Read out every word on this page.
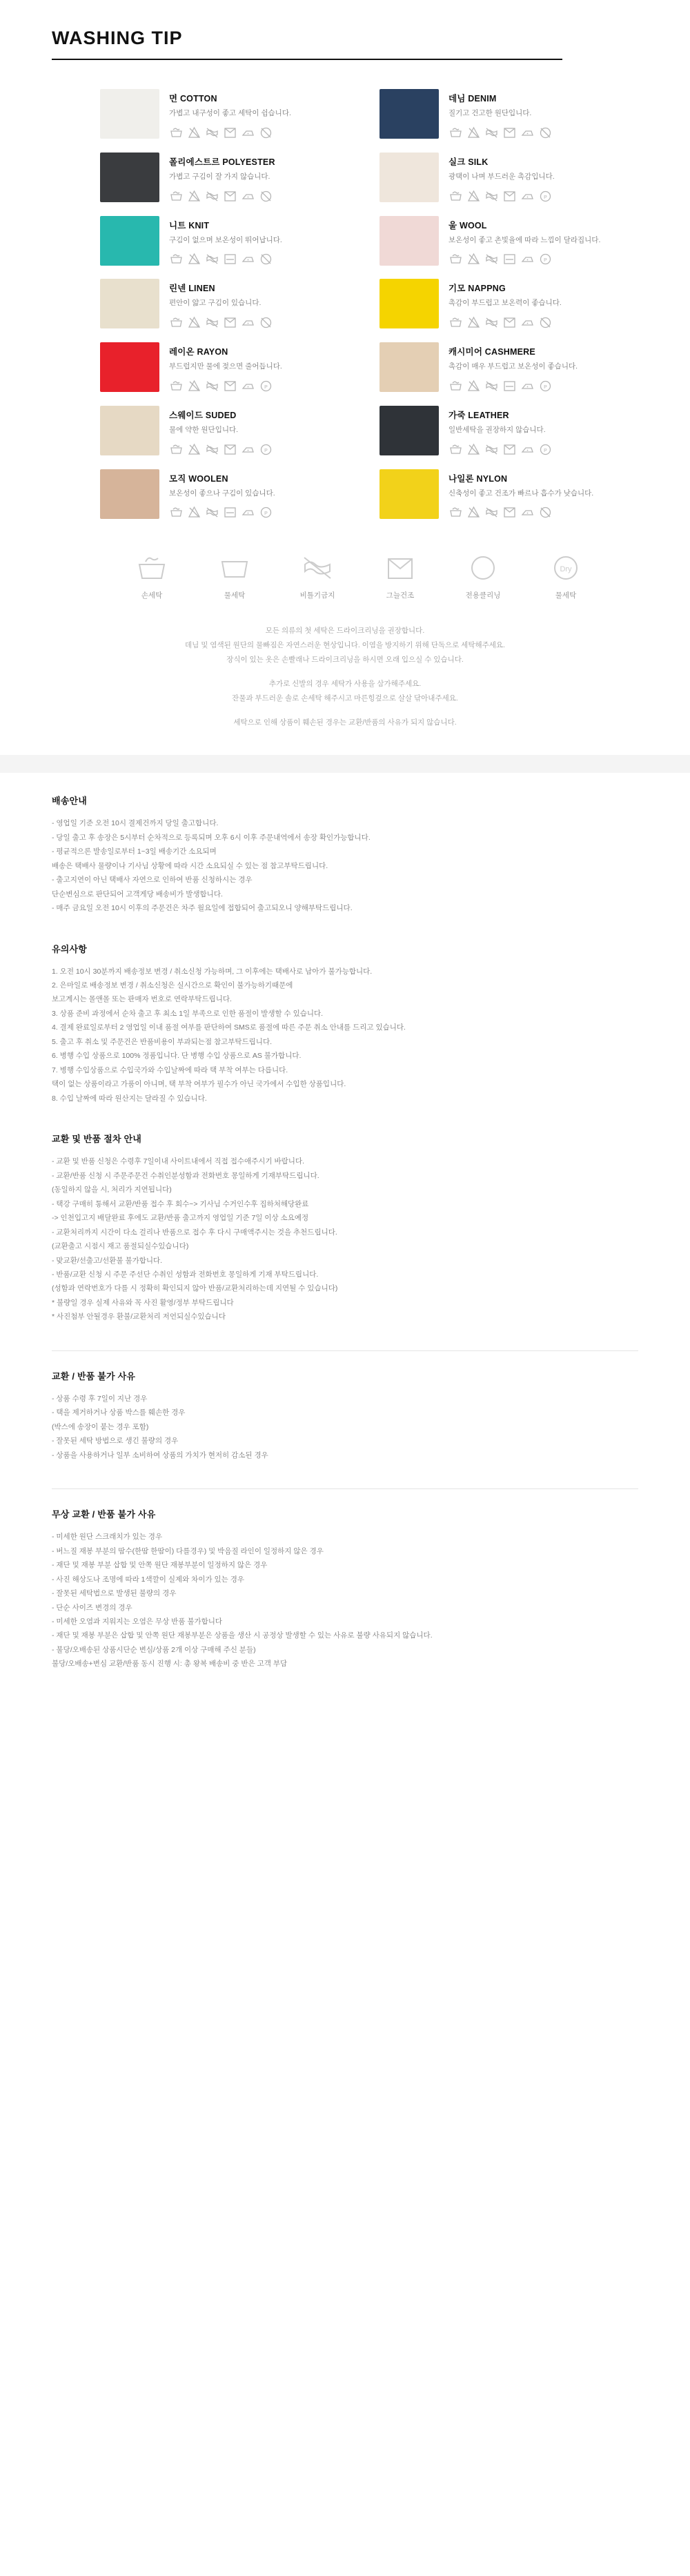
WASHING TIP
면 COTTON
가볍고 내구성이 좋고 세탁이 쉽습니다.
데님 DENIM
질기고 건고한 원단입니다.
폴리에스트르 POLYESTER
가볍고 구김이 잘 가지 않습니다.
실크 SILK
광택이 나며 부드러운 촉감입니다.
P
니트 KNIT
구김이 없으며 보온성이 뛰어납니다.
울 WOOL
보온성이 좋고 촌빛율에 따라 느낌이 달라집니다.
P
린넨 LINEN
편안이 얇고 구김이 있습니다.
기모 NAPPNG
촉감이 부드럽고 보온력이 좋습니다.
레이온 RAYON
부드럽지만 물에 젖으면 줄어듭니다.
P
캐시미어 CASHMERE
촉감이 매우 부드럽고 보온성이 좋습니다.
P
스웨이드 SUDED
물에 약한 원단입니다.
P
가죽 LEATHER
일반세탁을 권장하지 않습니다.
P
모직 WOOLEN
보온성이 좋으나 구김이 있습니다.
P
나일론 NYLON
신축성이 좋고 건조가 빠르나 흡수가 낮습니다.
손세탁	물세탁	비틀기금지	그늘건조	전용클리닝
Dry
물세탁

모든 의류의 첫 세탁은 드라이크리닝을 권장합니다.

데님 및 염색된 원단의 물빠짐은 자연스러운 현상입니다. 이염을 방지하기 위해 단독으로 세탁해주세요.

장식이 있는 옷은 손빨래나 드라이크리닝을 하시면 오래 입으실 수 있습니다.

추가로 신발의 경우 세탁가 사용을 삼가해주세요.

잔물과 부드러운 솔로 손세탁 해주시고 마른힝겊으로 살살 닦아내주세요.

세탁으로 인해 상품이 훼손된 경우는 교환/반품의 사유가 되지 않습니다.

배송안내
- 영업일 기준 오전 10시 결제건까지 당일 출고합니다.
- 당일 출고 후 송장은 5시부터 순차적으로 등록되며 오후 6시 이후 주문내역에서 송장 확인가능합니다.
- 평균적으론 발송일로부터 1~3일 배송기간 소요되며
배송은 택배사 물량이나 기사님 상황에 따라 시간 소요되실 수 있는 점 참고부탁드립니다.
- 출고지연이 아닌 택배사 자연으로 인하여 반품 신청하시는 경우
단순변심으로 판단되어 고객게당 배송비가 발생합니다.
- 매주 금요일 오전 10시 이후의 주문건은 차주 월요일에 접합되어 출고되오니 양해부탁드립니다.
유의사항
1. 오전 10시 30분까지 배송정보 변경 / 취소신청 가능하며, 그 이후에는 택배사로 남아가 불가능합니다.
2. 은마일로 배송정보 변경 / 취소신청은 실시간으로 확인이 불가능하기때문에
보고계시는 몰앤몰 또는 판매자 번호로 연락부탁드립니다.
3. 상품 준비 과정에서 순차 출고 후 최소 1일 부족으로 인한 품절이 발생할 수 있습니다.
4. 결제 완료일로부터 2 영업일 이내 품절 여부를 판단하여 SMS로 품절에 따른 주문 취소 안내를 드리고 있습니다.
5. 출고 후 취소 및 주문건은 반품비용이 부과되는점 참고부탁드립니다.
6. 병행 수입 상품으로 100% 정품입니다. 단 병행 수입 상품으로 AS 불가합니다.
7. 병행 수입상품으로 수입국가와 수입날짜에 따라 택 부착 여부는 다릅니다.
택이 없는 상품이라고 가품이 아니며, 택 부착 여부가 필수가 아닌 국가에서 수입한 상품입니다.
8. 수입 날짜에 따라 원산지는 달라질 수 있습니다.
교환 및 반품 절차 안내
- 교환 및 반품 신청은 수령후 7일이내 사이트내에서 직접 접수애주시기 바랍니다.
- 교환/반품 신청 시 주문주문건 수취인분성함과 전화번호 몽일하게 기재부탁드립니다.
(동일하지 않을 시, 처리가 지연됩니다)
- 택강 구매히 통해서 교환/반품 접수 후 회수~> 기사님 수거인수후 집하처해당완료
-> 인천입고지 배달완료 후에도 교환/반품 출고까지 영업일 기준 7일 이상 소요예정
- 교환처리까지 시간이 다소 걸리나 반품으로 접수 후 다시 구매액주시는 것을 추천드립니다.
(교환출고 시점시 재고 품절되실수있습니다)
- 맞교환/선출고/선환불 불가합니다.
- 반품/교환 신청 시 주문 주선단 수취인 성함과 전화번호 몽일하게 기재 부탁드립니다.
(성함과 연락번호가 다를 시 정확히 확인되지 않아 반품/교환처리하는데 지연될 수 있습니다)
* 불량일 경우 실제 사유와 꼭 사진 활영/정부 부탁드립니다
* 사진첨부 안될경우 환불/교환처리 저언되실수있습니다
교환 / 반품 불가 사유
- 상품 수령 후 7일이 지난 경우
- 택을 제거하거나 상품 박스를 훼손한 경우
(박스에 송장이 붙는 경우 포함)
- 잘못된 세탁 방법으로 생긴 불량의 경우
- 상품을 사용하거나 일부 소비하여 상품의 가치가 현저히 감소된 경우
무상 교환 / 반품 불가 사유
- 미세한 원단 스크래치가 있는 경우
- 버느질 재봉 부분의 땀수(한땀 한땀이) 다를경우) 및 박음질 라인이 일정하지 않은 경우
- 재단 및 재봉 부분 삽합 및 안쪽 원단 재봉부분이 일정하지 않은 경우
- 사진 해상도나 조명에 따라 1색깔이 실제와 차이가 있는 경우
- 잘못된 세탁법으로 발생된 불량의 경우
- 단순 사이즈 변경의 경우
- 미세한 오염과 지워지는 오염은 무상 반품 불가합니다
- 재단 및 재봉 부분은 삽합 및 안쪽 원단 재봉부분은 상품을 생산 시 공정상 발생할 수 있는 사유로 불량 사유되지 않습니다.
- 불당/오배송된 상품시단순 변심/상품 2개 이상 구매해 주신 분들)
불당/오배송+변심 교환/반품 동시 진행 시: 총 왕복 배송비 중 반은 고객 부담
